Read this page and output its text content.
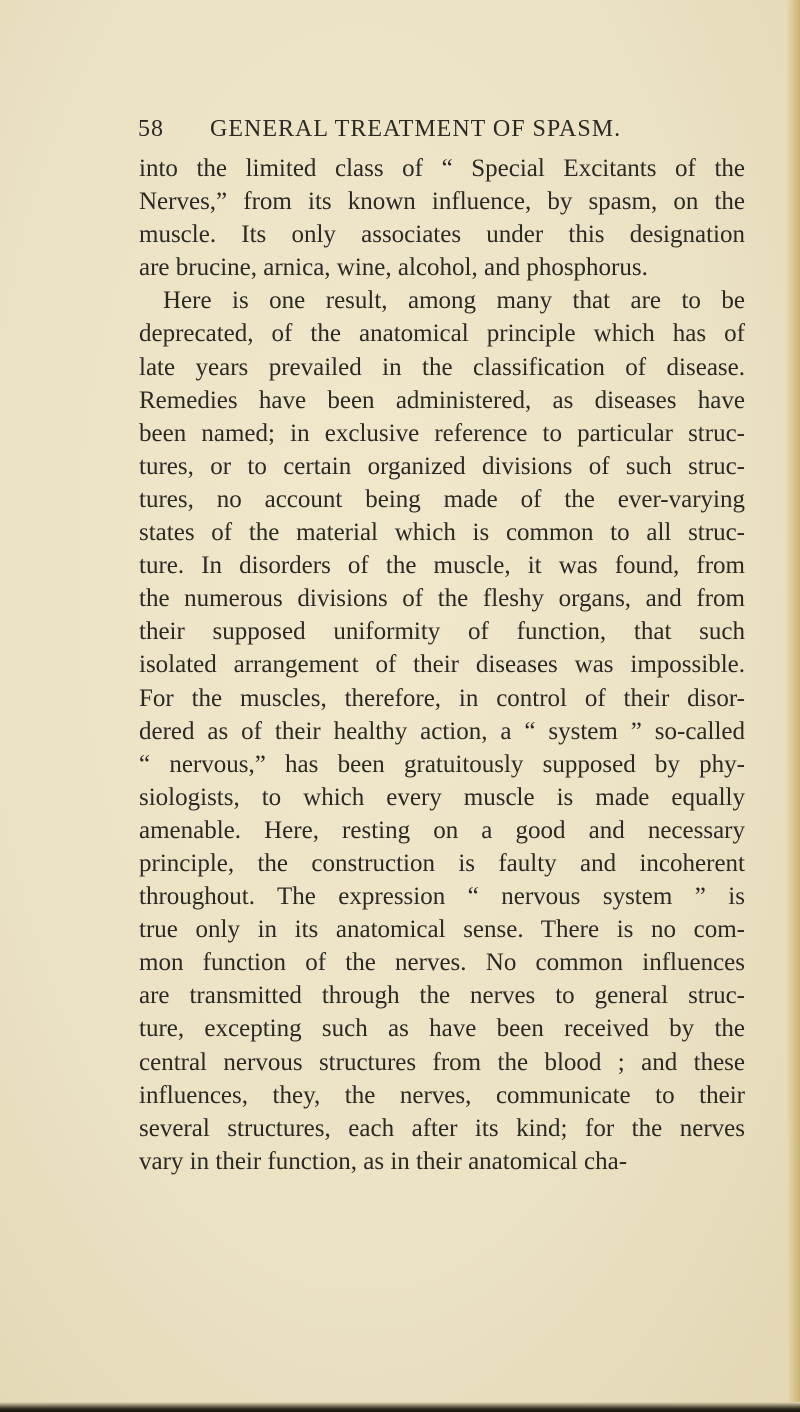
58 GENERAL TREATMENT OF SPASM.
into the limited class of “ Special Excitants of the
Nerves,” from its known influence, by spasm, on the
muscle. Its only associates under this designation
are brucine, arnica, wine, alcohol, and phosphorus.
Here is one result, among many that are to be
deprecated, of the anatomical principle which has of
late years prevailed in the classification of disease.
Remedies have been administered, as diseases have
been named; in exclusive reference to particular struc-
tures, or to certain organized divisions of such struc-
tures, no account being made of the ever-varying
states of the material which is common to all struc-
ture. In disorders of the muscle, it was found, from
the numerous divisions of the fleshy organs, and from
their supposed uniformity of function, that such
isolated arrangement of their diseases was impossible.
For the muscles, therefore, in control of their disor-
dered as of their healthy action, a “ system ” so-called
“ nervous,” has been gratuitously supposed by phy-
siologists, to which every muscle is made equally
amenable. Here, resting on a good and necessary
principle, the construction is faulty and incoherent
throughout. The expression “ nervous system ” is
true only in its anatomical sense. There is no com-
mon function of the nerves. No common influences
are transmitted through the nerves to general struc-
ture, excepting such as have been received by the
central nervous structures from the blood ; and these
influences, they, the nerves, communicate to their
several structures, each after its kind; for the nerves
vary in their function, as in their anatomical cha-
